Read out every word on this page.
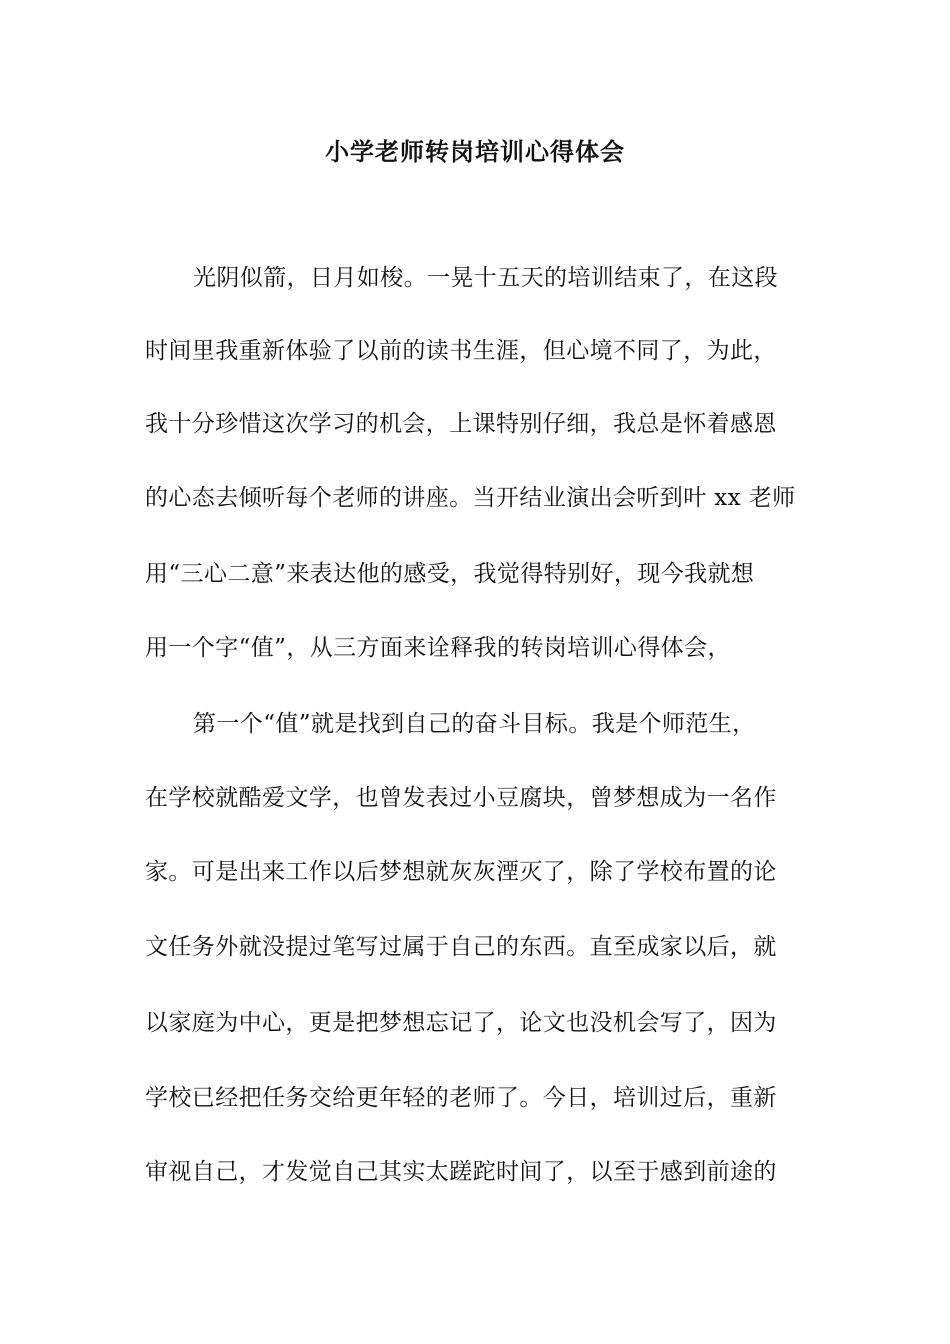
小学老师转岗培训心得体会
光阴似箭，日月如梭。一晃十五天的培训结束了，在这段
时间里我重新体验了以前的读书生涯，但心境不同了，为此，
我十分珍惜这次学习的机会，上课特别仔细，我总是怀着感恩
的心态去倾听每个老师的讲座。当开结业演出会听到叶 xx 老师
用“三心二意”来表达他的感受，我觉得特别好，现今我就想
用一个字“值”，从三方面来诠释我的转岗培训心得体会，
第一个“值”就是找到自己的奋斗目标。我是个师范生，
在学校就酷爱文学，也曾发表过小豆腐块，曾梦想成为一名作
家。可是出来工作以后梦想就灰灰湮灭了，除了学校布置的论
文任务外就没提过笔写过属于自己的东西。直至成家以后，就
以家庭为中心，更是把梦想忘记了，论文也没机会写了，因为
学校已经把任务交给更年轻的老师了。今日，培训过后，重新
审视自己，才发觉自己其实太蹉跎时间了，以至于感到前途的
